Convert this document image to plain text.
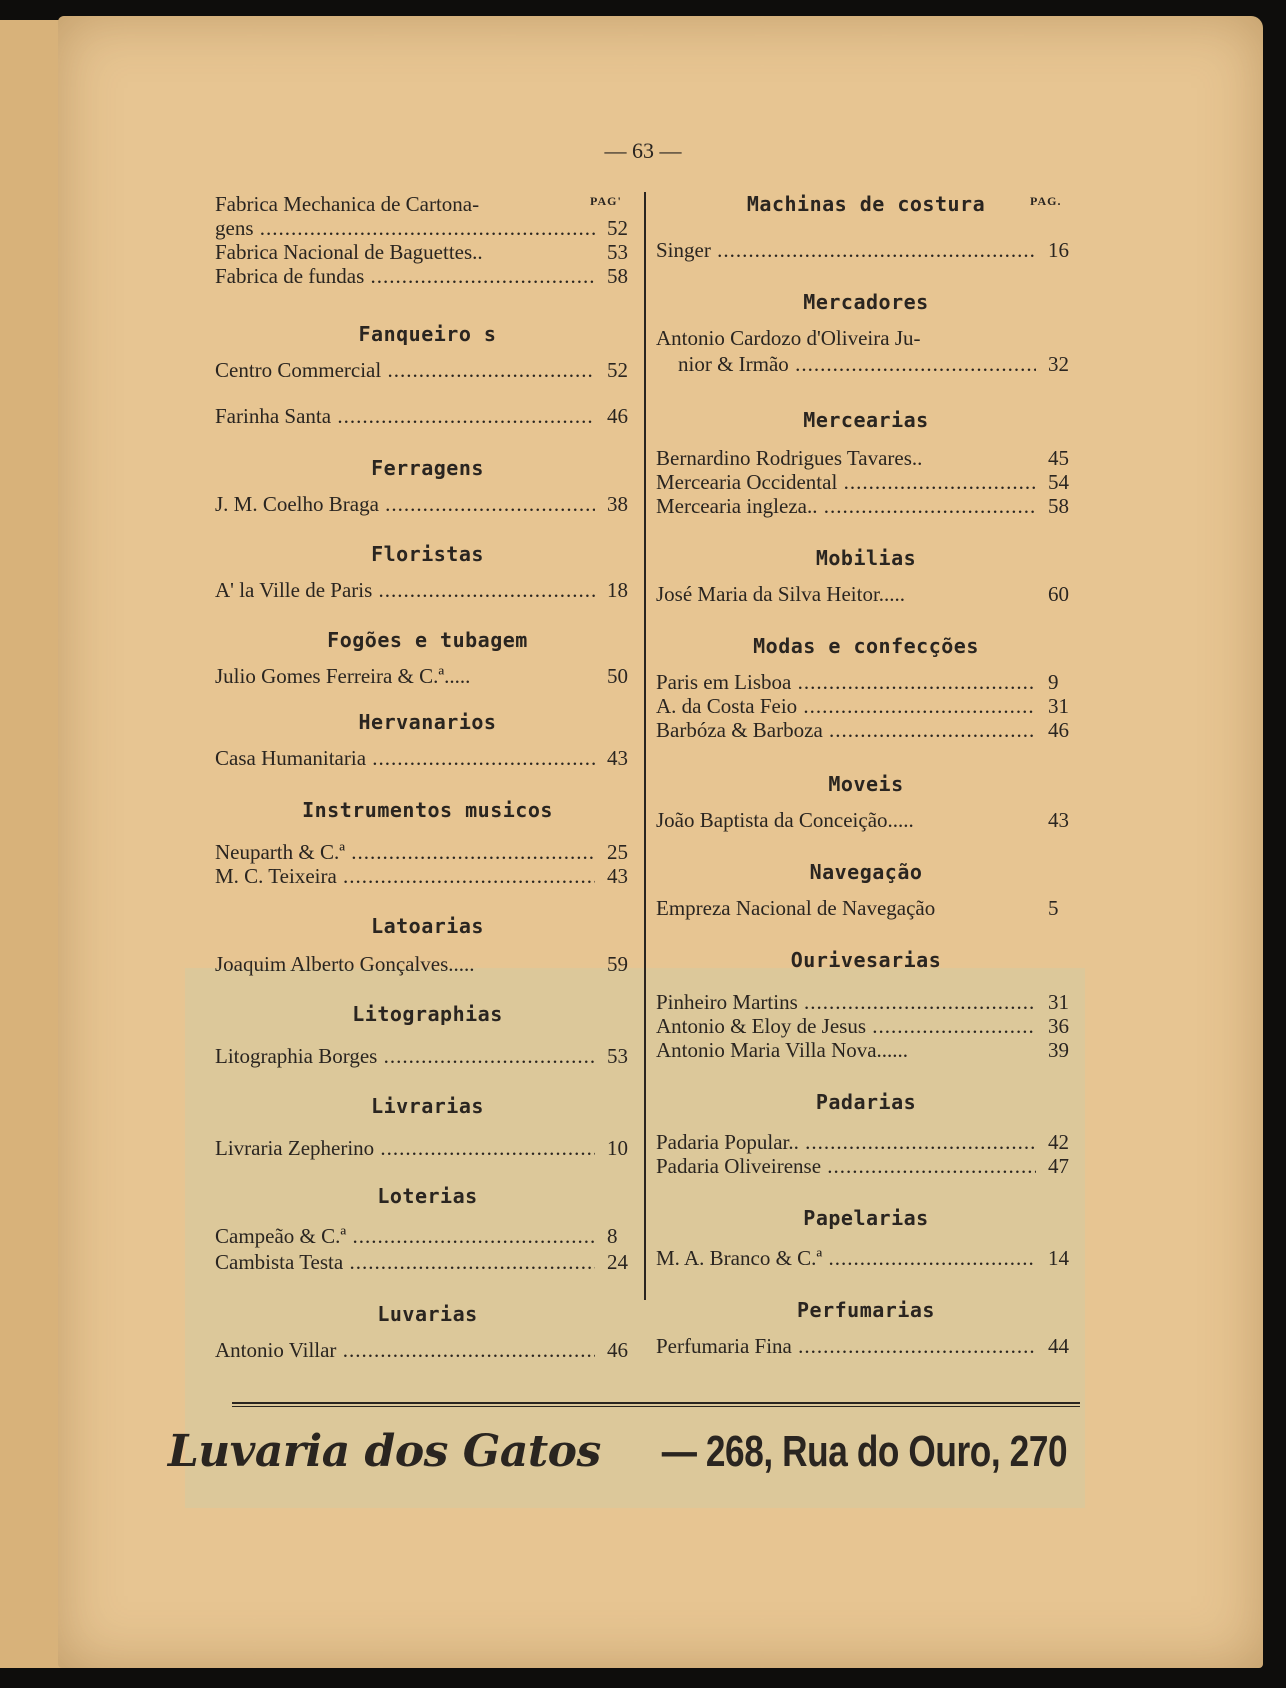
— 63 —
PAG'	PAG.
Fabrica Mechanica de Cartona-
gens .....	52
Fabrica Nacional de Baguettes..	53
Fabrica de fundas .....	58
Fanqueiro s
Centro Commercial .....	52
Farinha Santa .....	46
Ferragens
J. M. Coelho Braga .....	38
Floristas
A' la Ville de Paris .....	18
Fogões e tubagem
Julio Gomes Ferreira & C.ª.....	50
Hervanarios
Casa Humanitaria .....	43
Instrumentos musicos
Neuparth & C.ª .....	25
M. C. Teixeira .....	43
Latoarias
Joaquim Alberto Gonçalves.....	59
Litographias
Litographia Borges .....	53
Livrarias
Livraria Zepherino .....	10
Loterias
Campeão & C.ª .....	8
Cambista Testa .....	24
Luvarias
Antonio Villar .....	46
Machinas de costura
Singer .....	16
Mercadores
Antonio Cardozo d'Oliveira Ju-
nior & Irmão .....	32
Mercearias
Bernardino Rodrigues Tavares..	45
Mercearia Occidental .....	54
Mercearia ingleza.. .....	58
Mobilias
José Maria da Silva Heitor.....	60
Modas e confecções
Paris em Lisboa .....	9
A. da Costa Feio .....	31
Barbóza & Barboza .....	46
Moveis
João Baptista da Conceição.....	43
Navegação
Empreza Nacional de Navegação	5
Ourivesarias
Pinheiro Martins .....	31
Antonio & Eloy de Jesus .....	36
Antonio Maria Villa Nova......	39
Padarias
Padaria Popular.. .....	42
Padaria Oliveirense .....	47
Papelarias
M. A. Branco & C.ª .....	14
Perfumarias
Perfumaria Fina .....	44
Luvaria dos Gatos — 268, Rua do Ouro, 270
